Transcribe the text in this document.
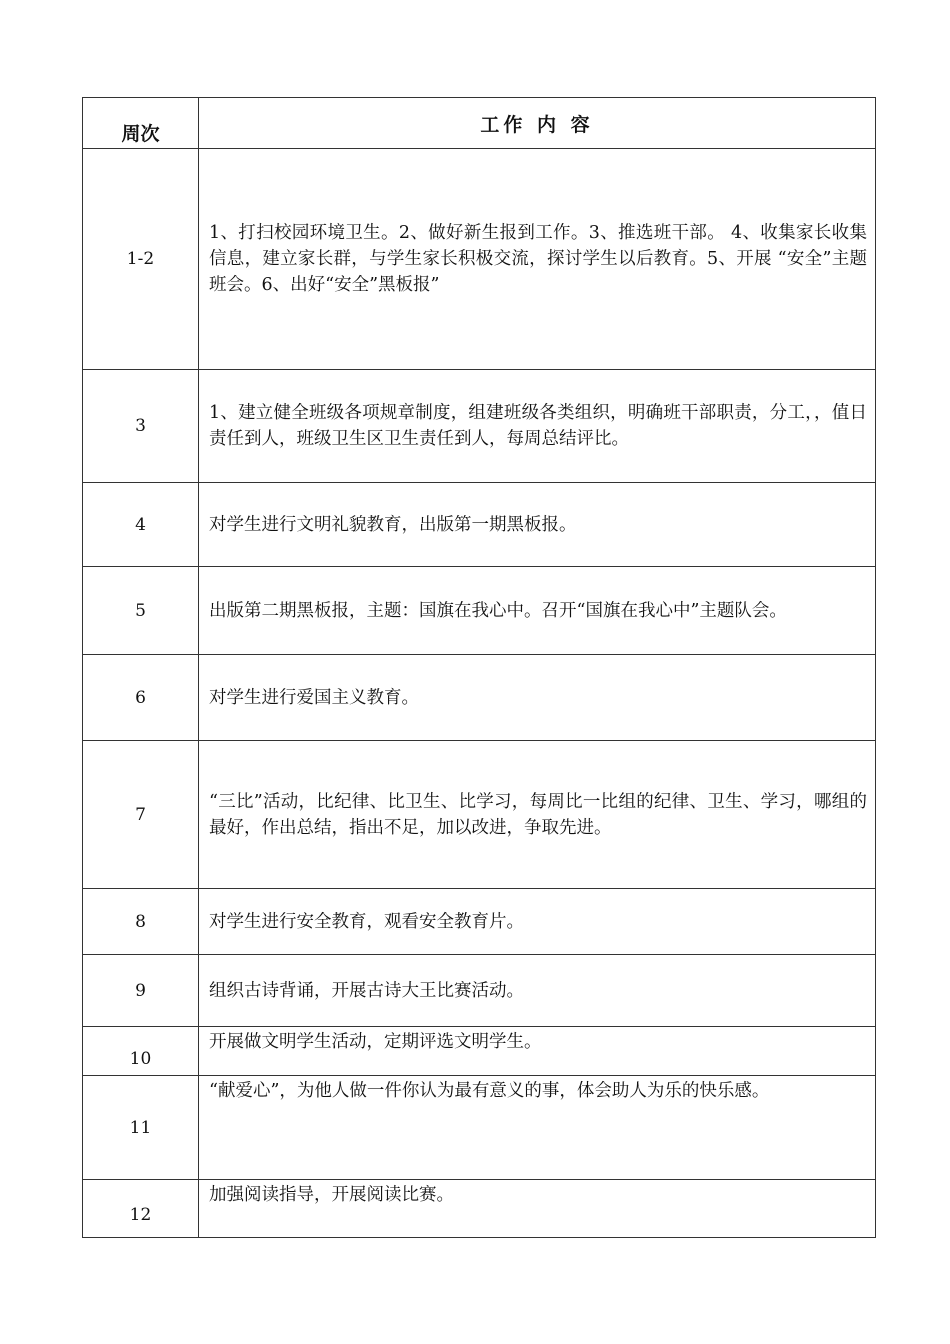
周次	工作 内 容
1-2	1、打扫校园环境卫生。2、做好新生报到工作。3、推选班干部。 4、收集家长收集信息，建立家长群，与学生家长积极交流，探讨学生以后教育。5、开展 “安全”主题班会。6、出好“安全”黑板报”
3	1、建立健全班级各项规章制度，组建班级各类组织，明确班干部职责，分工，，值日责任到人，班级卫生区卫生责任到人，每周总结评比。
4	对学生进行文明礼貌教育，出版第一期黑板报。
5	出版第二期黑板报，主题：国旗在我心中。召开“国旗在我心中”主题队会。
6	对学生进行爱国主义教育。
7	“三比”活动，比纪律、比卫生、比学习，每周比一比组的纪律、卫生、学习，哪组的最好，作出总结，指出不足，加以改进，争取先进。
8	对学生进行安全教育，观看安全教育片。
9	组织古诗背诵，开展古诗大王比赛活动。
10	开展做文明学生活动，定期评选文明学生。
11	“献爱心”，为他人做一件你认为最有意义的事，体会助人为乐的快乐感。
12	加强阅读指导，开展阅读比赛。
